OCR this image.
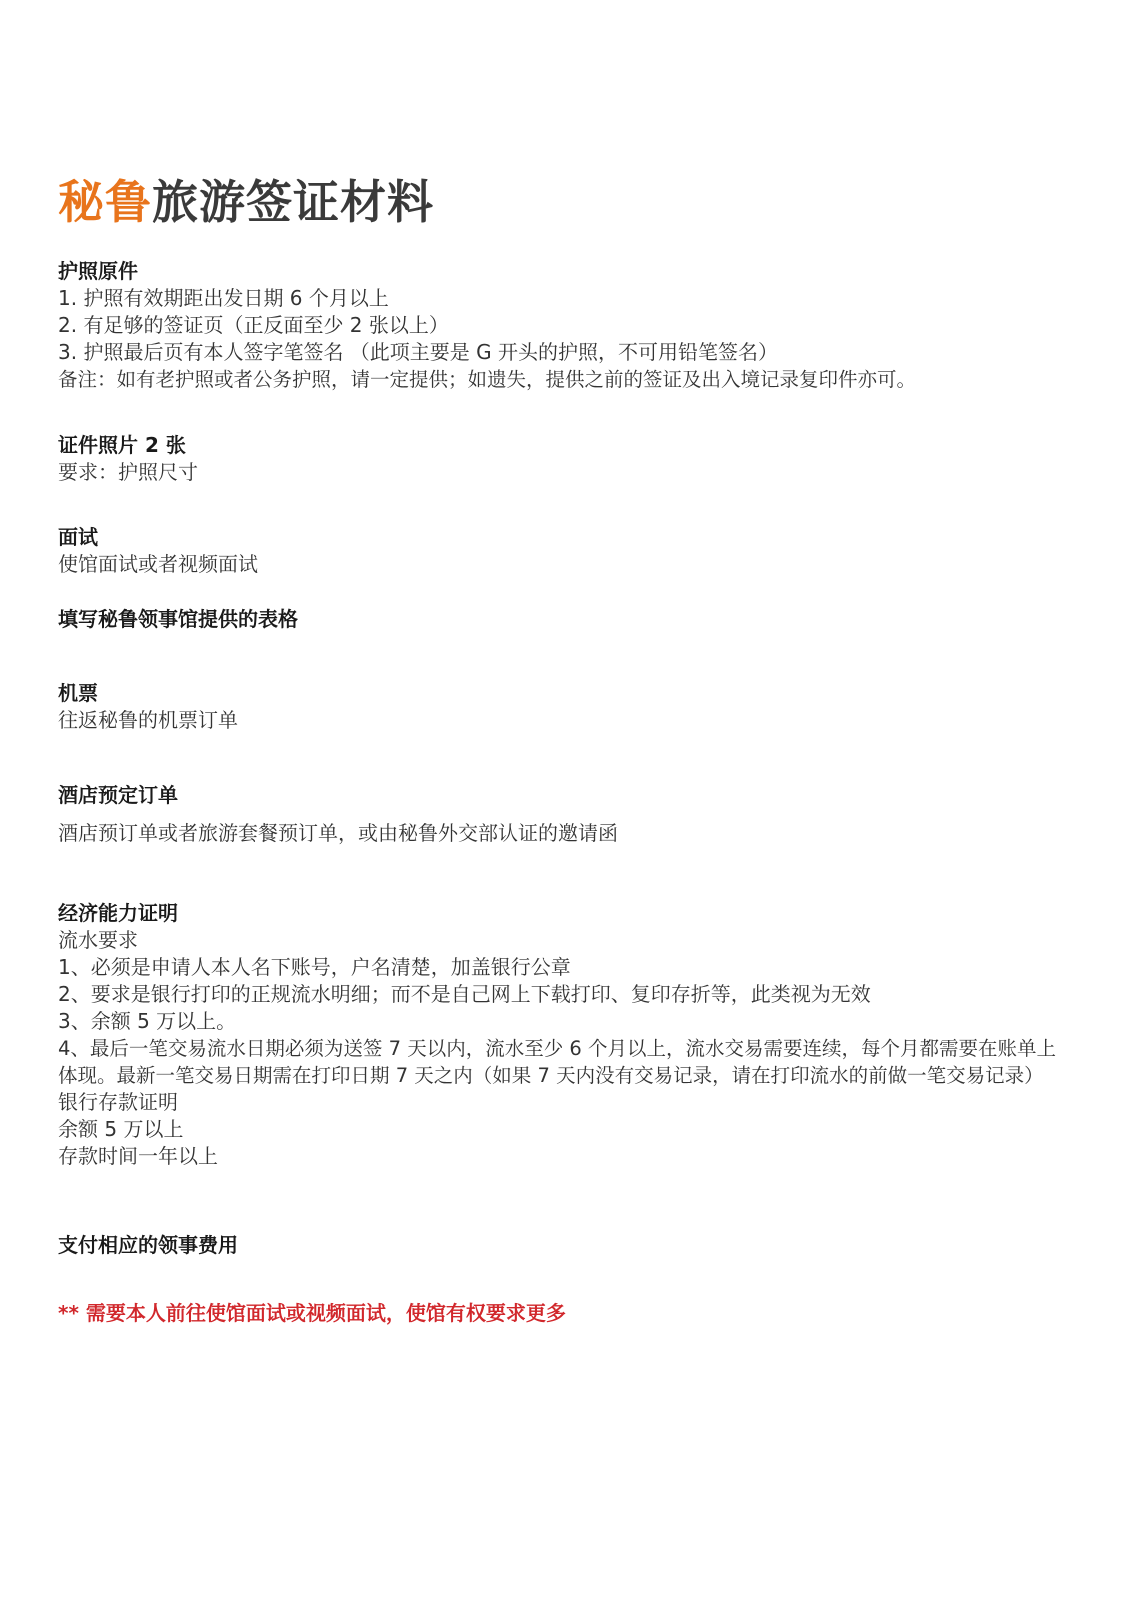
秘鲁旅游签证材料

护照原件

1. 护照有效期距出发日期 6 个月以上

2. 有足够的签证页（正反面至少 2 张以上）

3. 护照最后页有本人签字笔签名 （此项主要是 G 开头的护照，不可用铅笔签名）

备注：如有老护照或者公务护照，请一定提供；如遗失，提供之前的签证及出入境记录复印件亦可。

证件照片 2 张

要求：护照尺寸

面试

使馆面试或者视频面试

填写秘鲁领事馆提供的表格

机票

往返秘鲁的机票订单

酒店预定订单

酒店预订单或者旅游套餐预订单，或由秘鲁外交部认证的邀请函

经济能力证明

流水要求

1、必须是申请人本人名下账号，户名清楚，加盖银行公章

2、要求是银行打印的正规流水明细；而不是自己网上下载打印、复印存折等，此类视为无效

3、余额 5 万以上。

4、最后一笔交易流水日期必须为送签 7 天以内，流水至少 6 个月以上，流水交易需要连续，每个月都需要在账单上体现。最新一笔交易日期需在打印日期 7 天之内（如果 7 天内没有交易记录，请在打印流水的前做一笔交易记录）

银行存款证明

余额 5 万以上

存款时间一年以上

支付相应的领事费用

** 需要本人前往使馆面试或视频面试，使馆有权要求更多
